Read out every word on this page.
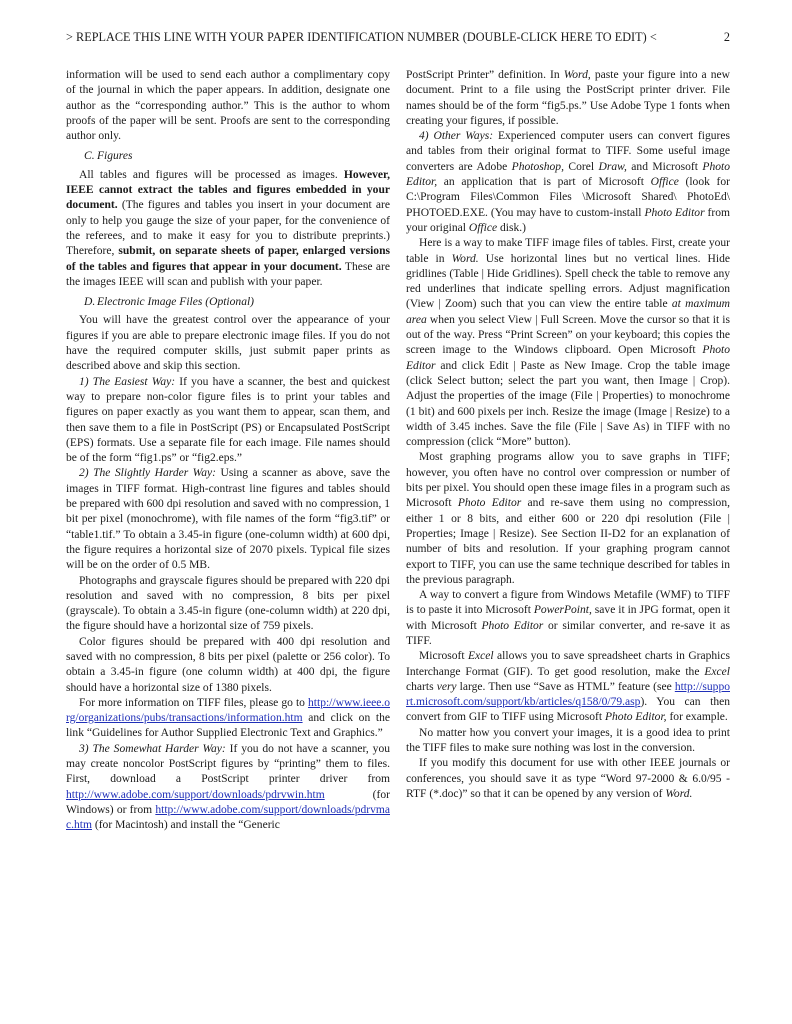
> REPLACE THIS LINE WITH YOUR PAPER IDENTIFICATION NUMBER (DOUBLE-CLICK HERE TO EDIT) <	2

information will be used to send each author a complimentary copy of the journal in which the paper appears. In addition, designate one author as the “corresponding author.” This is the author to whom proofs of the paper will be sent. Proofs are sent to the corresponding author only.

C. Figures

All tables and figures will be processed as images. However, IEEE cannot extract the tables and figures embedded in your document. (The figures and tables you insert in your document are only to help you gauge the size of your paper, for the convenience of the referees, and to make it easy for you to distribute preprints.) Therefore, submit, on separate sheets of paper, enlarged versions of the tables and figures that appear in your document. These are the images IEEE will scan and publish with your paper.

D. Electronic Image Files (Optional)

You will have the greatest control over the appearance of your figures if you are able to prepare electronic image files. If you do not have the required computer skills, just submit paper prints as described above and skip this section.

1) The Easiest Way: If you have a scanner, the best and quickest way to prepare non-color figure files is to print your tables and figures on paper exactly as you want them to appear, scan them, and then save them to a file in PostScript (PS) or Encapsulated PostScript (EPS) formats. Use a separate file for each image. File names should be of the form “fig1.ps” or “fig2.eps.”

2) The Slightly Harder Way: Using a scanner as above, save the images in TIFF format. High-contrast line figures and tables should be prepared with 600 dpi resolution and saved with no compression, 1 bit per pixel (monochrome), with file names of the form “fig3.tif” or “table1.tif.” To obtain a 3.45-in figure (one-column width) at 600 dpi, the figure requires a horizontal size of 2070 pixels. Typical file sizes will be on the order of 0.5 MB.

Photographs and grayscale figures should be prepared with 220 dpi resolution and saved with no compression, 8 bits per pixel (grayscale). To obtain a 3.45-in figure (one-column width) at 220 dpi, the figure should have a horizontal size of 759 pixels.

Color figures should be prepared with 400 dpi resolution and saved with no compression, 8 bits per pixel (palette or 256 color). To obtain a 3.45-in figure (one column width) at 400 dpi, the figure should have a horizontal size of 1380 pixels.

For more information on TIFF files, please go to http://www.ieee.org/organizations/pubs/transactions/information.htm and click on the link “Guidelines for Author Supplied Electronic Text and Graphics.”

3) The Somewhat Harder Way: If you do not have a scanner, you may create noncolor PostScript figures by “printing” them to files. First, download a PostScript printer driver from http://www.adobe.com/support/downloads/pdrvwin.htm (for Windows) or from http://www.adobe.com/support/downloads/pdrvmac.htm (for Macintosh) and install the “Generic

PostScript Printer” definition. In Word, paste your figure into a new document. Print to a file using the PostScript printer driver. File names should be of the form “fig5.ps.” Use Adobe Type 1 fonts when creating your figures, if possible.

4) Other Ways: Experienced computer users can convert figures and tables from their original format to TIFF. Some useful image converters are Adobe Photoshop, Corel Draw, and Microsoft Photo Editor, an application that is part of Microsoft Office (look for C:\Program Files\Common Files \Microsoft Shared\ PhotoEd\ PHOTOED.EXE. (You may have to custom-install Photo Editor from your original Office disk.)

Here is a way to make TIFF image files of tables. First, create your table in Word. Use horizontal lines but no vertical lines. Hide gridlines (Table | Hide Gridlines). Spell check the table to remove any red underlines that indicate spelling errors. Adjust magnification (View | Zoom) such that you can view the entire table at maximum area when you select View | Full Screen. Move the cursor so that it is out of the way. Press “Print Screen” on your keyboard; this copies the screen image to the Windows clipboard. Open Microsoft Photo Editor and click Edit | Paste as New Image. Crop the table image (click Select button; select the part you want, then Image | Crop). Adjust the properties of the image (File | Properties) to monochrome (1 bit) and 600 pixels per inch. Resize the image (Image | Resize) to a width of 3.45 inches. Save the file (File | Save As) in TIFF with no compression (click “More” button).

Most graphing programs allow you to save graphs in TIFF; however, you often have no control over compression or number of bits per pixel. You should open these image files in a program such as Microsoft Photo Editor and re-save them using no compression, either 1 or 8 bits, and either 600 or 220 dpi resolution (File | Properties; Image | Resize). See Section II-D2 for an explanation of number of bits and resolution. If your graphing program cannot export to TIFF, you can use the same technique described for tables in the previous paragraph.

A way to convert a figure from Windows Metafile (WMF) to TIFF is to paste it into Microsoft PowerPoint, save it in JPG format, open it with Microsoft Photo Editor or similar converter, and re-save it as TIFF.

Microsoft Excel allows you to save spreadsheet charts in Graphics Interchange Format (GIF). To get good resolution, make the Excel charts very large. Then use “Save as HTML” feature (see http://support.microsoft.com/support/kb/articles/q158/0/79.asp). You can then convert from GIF to TIFF using Microsoft Photo Editor, for example.

No matter how you convert your images, it is a good idea to print the TIFF files to make sure nothing was lost in the conversion.

If you modify this document for use with other IEEE journals or conferences, you should save it as type “Word 97-2000 & 6.0/95 - RTF (*.doc)” so that it can be opened by any version of Word.
